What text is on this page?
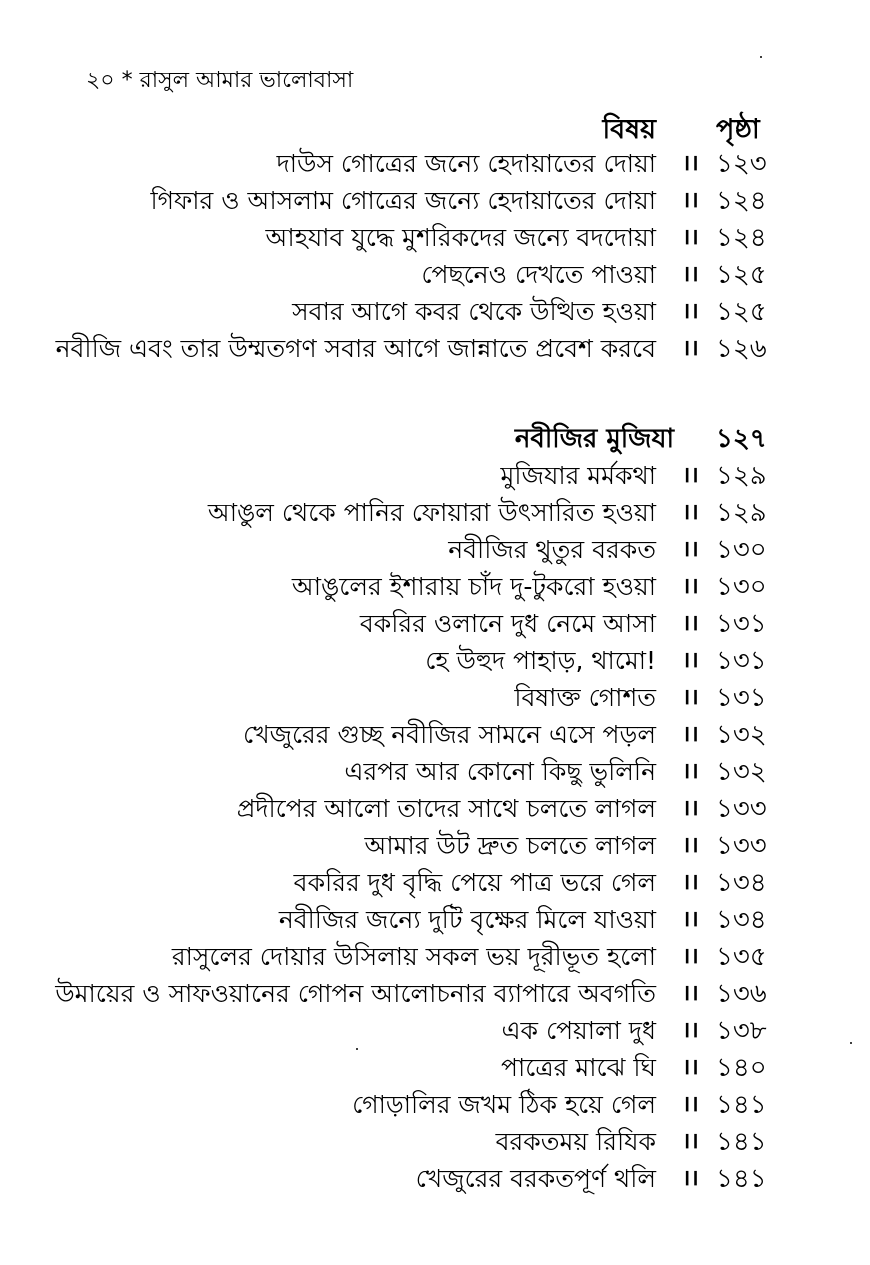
২০ * রাসুল আমার ভালোবাসা
বিষয় পৃষ্ঠা
দাউস গোত্রের জন্যে হেদায়াতের দোয়া ।। ১২৩
গিফার ও আসলাম গোত্রের জন্যে হেদায়াতের দোয়া ।। ১২৪
আহযাব যুদ্ধে মুশরিকদের জন্যে বদদোয়া ।। ১২৪
পেছনেও দেখতে পাওয়া ।। ১২৫
সবার আগে কবর থেকে উত্থিত হওয়া ।। ১২৫
নবীজি এবং তার উম্মতগণ সবার আগে জান্নাতে প্রবেশ করবে ।। ১২৬
নবীজির মুজিযা ১২৭
মুজিযার মর্মকথা ।। ১২৯
আঙুল থেকে পানির ফোয়ারা উৎসারিত হওয়া ।। ১২৯
নবীজির থুতুর বরকত ।। ১৩০
আঙুলের ইশারায় চাঁদ দু-টুকরো হওয়া ।। ১৩০
বকরির ওলানে দুধ নেমে আসা ।। ১৩১
হে উহুদ পাহাড়, থামো! ।। ১৩১
বিষাক্ত গোশত ।। ১৩১
খেজুরের গুচ্ছ নবীজির সামনে এসে পড়ল ।। ১৩২
এরপর আর কোনো কিছু ভুলিনি ।। ১৩২
প্রদীপের আলো তাদের সাথে চলতে লাগল ।। ১৩৩
আমার উট দ্রুত চলতে লাগল ।। ১৩৩
বকরির দুধ বৃদ্ধি পেয়ে পাত্র ভরে গেল ।। ১৩৪
নবীজির জন্যে দুটি বৃক্ষের মিলে যাওয়া ।। ১৩৪
রাসুলের দোয়ার উসিলায় সকল ভয় দূরীভূত হলো ।। ১৩৫
উমায়ের ও সাফওয়ানের গোপন আলোচনার ব্যাপারে অবগতি ।। ১৩৬
এক পেয়ালা দুধ ।। ১৩৮
পাত্রের মাঝে ঘি ।। ১৪০
গোড়ালির জখম ঠিক হয়ে গেল ।। ১৪১
বরকতময় রিযিক ।। ১৪১
খেজুরের বরকতপূর্ণ থলি ।। ১৪১
